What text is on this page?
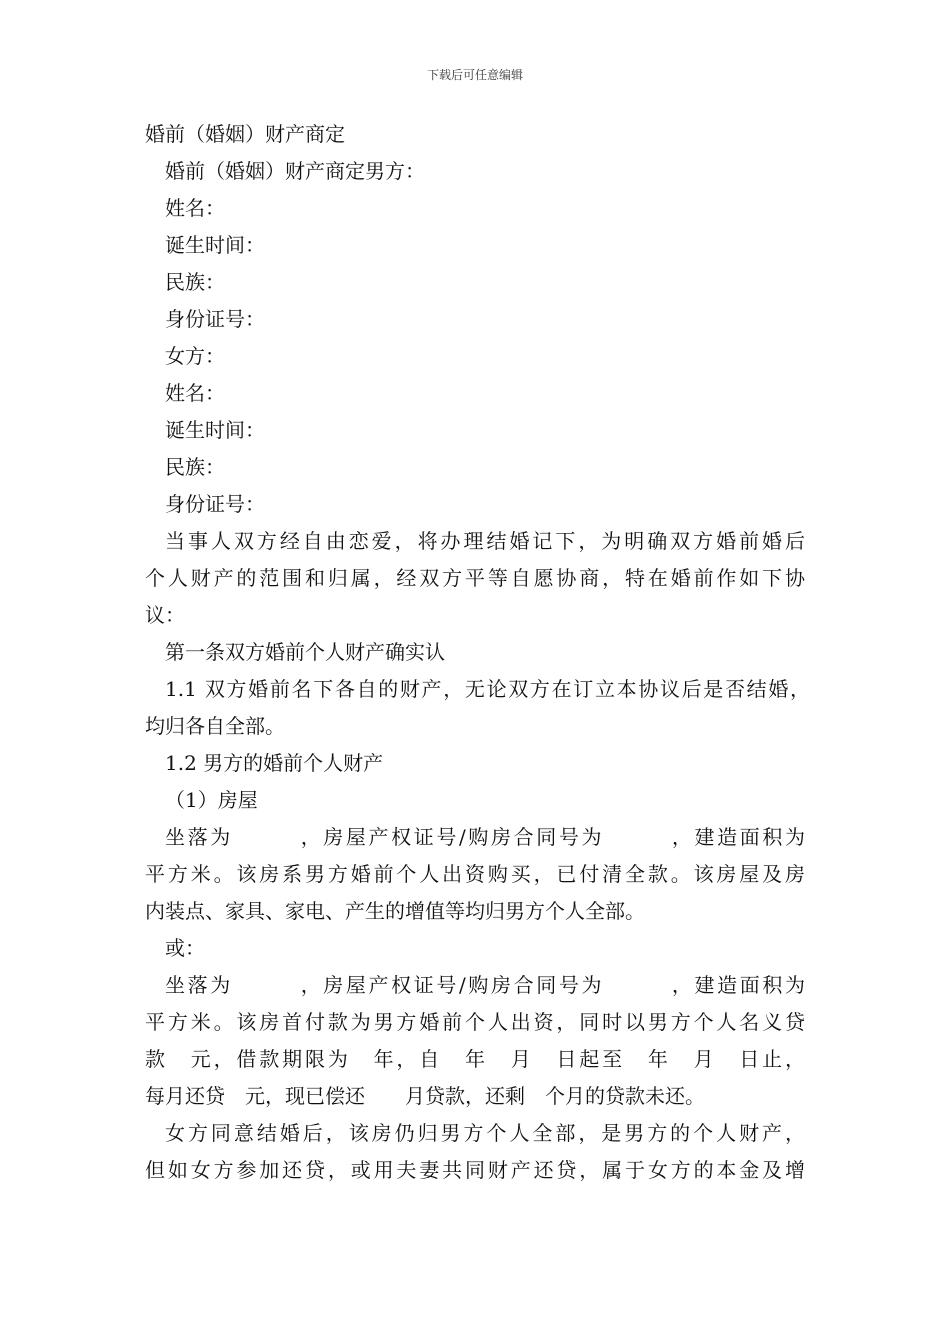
下载后可任意编辑
婚前（婚姻）财产商定
婚前（婚姻）财产商定男方：
姓名：
诞生时间：
民族：
身份证号：
女方：
姓名：
诞生时间：
民族：
身份证号：
当事人双方经自由恋爱，将办理结婚记下，为明确双方婚前婚后
个人财产的范围和归属，经双方平等自愿协商，特在婚前作如下协
议：
第一条双方婚前个人财产确实认
1.1 双方婚前名下各自的财产，无论双方在订立本协议后是否结婚，
均归各自全部。
1.2 男方的婚前个人财产
（1）房屋
坐落为　　　，房屋产权证号/购房合同号为　　　，建造面积为
平方米。该房系男方婚前个人出资购买，已付清全款。该房屋及房
内装点、家具、家电、产生的增值等均归男方个人全部。
或：
坐落为　　　，房屋产权证号/购房合同号为　　　，建造面积为
平方米。该房首付款为男方婚前个人出资，同时以男方个人名义贷
款　元，借款期限为　年，自　年　月　日起至　年　月　日止，
每月还贷　元，现已偿还　　月贷款，还剩　个月的贷款未还。
女方同意结婚后，该房仍归男方个人全部，是男方的个人财产，
但如女方参加还贷，或用夫妻共同财产还贷，属于女方的本金及增
